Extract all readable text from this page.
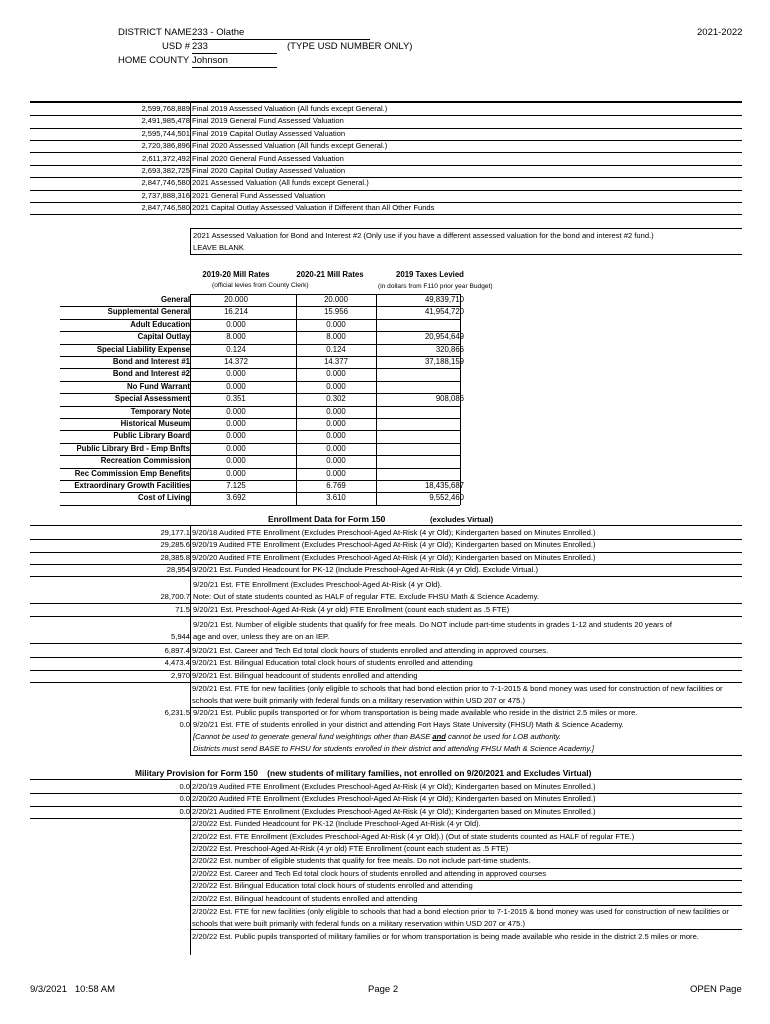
DISTRICT NAME 233 - Olathe	2021-2022
USD # 233	(TYPE USD NUMBER ONLY)
HOME COUNTY Johnson
2,599,768,889 Final 2019 Assessed Valuation (All funds except General.)
2,491,985,478 Final 2019 General Fund Assessed Valuation
2,595,744,501 Final 2019 Capital Outlay Assessed Valuation
2,720,386,896 Final 2020 Assessed Valuation (All funds except General.)
2,611,372,492 Final 2020 General Fund Assessed Valuation
2,693,382,725 Final 2020 Capital Outlay Assessed Valuation
2,847,746,580 2021 Assessed Valuation (All funds except General.)
2,737,888,316 2021 General Fund Assessed Valuation
2,847,746,580 2021 Capital Outlay Assessed Valuation if Different than All Other Funds
2021 Assessed Valuation for Bond and Interest #2 (Only use if you have a different assessed valuation for the bond and interest #2 fund.)
LEAVE BLANK
2019-20 Mill Rates	2020-21 Mill Rates	2019 Taxes Levied
(official levies from County Clerk)	(in dollars from F110 prior year Budget)
General	20.000	20.000	49,839,710
Supplemental General	16.214	15.956	41,954,720
Adult Education	0.000	0.000
Capital Outlay	8.000	8.000	20,954,649
Special Liability Expense	0.124	0.124	320,866
Bond and Interest #1	14.372	14.377	37,188,159
Bond and Interest #2	0.000	0.000
No Fund Warrant	0.000	0.000
Special Assessment	0.351	0.302	908,086
Temporary Note	0.000	0.000
Historical Museum	0.000	0.000
Public Library Board	0.000	0.000
Public Library Brd - Emp Bnfts	0.000	0.000
Recreation Commission	0.000	0.000
Rec Commission Emp Benefits	0.000	0.000
Extraordinary Growth Facilities	7.125	6.769	18,435,687
Cost of Living	3.692	3.610	9,552,460
Enrollment Data for Form 150	(excludes Virtual)
29,177.1 9/20/18 Audited FTE Enrollment (Excludes Preschool-Aged At-Risk (4 yr Old); Kindergarten based on Minutes Enrolled.)
29,285.6 9/20/19 Audited FTE Enrollment (Excludes Preschool-Aged At-Risk (4 yr Old); Kindergarten based on Minutes Enrolled.)
28,385.8 9/20/20 Audited FTE Enrollment (Excludes Preschool-Aged At-Risk (4 yr Old); Kindergarten based on Minutes Enrolled.)
28,954 9/20/21 Est. Funded Headcount for PK-12 (Include Preschool-Aged At-Risk (4 yr Old). Exclude Virtual.)
9/20/21 Est. FTE Enrollment (Excludes Preschool-Aged At-Risk (4 yr Old).
28,700.7 Note: Out of state students counted as HALF of regular FTE. Exclude FHSU Math & Science Academy.
71.5 9/20/21 Est. Preschool-Aged At-Risk (4 yr old) FTE Enrollment (count each student as .5 FTE)
9/20/21 Est. Number of eligible students that qualify for free meals. Do NOT include part-time students in grades 1-12 and students 20 years of
5,944 age and over, unless they are on an IEP.
6,897.4 9/20/21 Est. Career and Tech Ed total clock hours of students enrolled and attending in approved courses.
4,473.4 9/20/21 Est. Bilingual Education total clock hours of students enrolled and attending
2,970 9/20/21 Est. Bilingual headcount of students enrolled and attending
9/20/21 Est. FTE for new facilities (only eligible to schools that had bond election prior to 7-1-2015 & bond money was used for construction of new facilities or schools that were built primarily with federal funds on a military reservation within USD 207 or 475.)
6,231.5 9/20/21 Est. Public pupils transported or for whom transportation is being made available who reside in the district 2.5 miles or more.
0.0 9/20/21 Est. FTE of students enrolled in your district and attending Fort Hays State University (FHSU) Math & Science Academy.
[Cannot be used to generate general fund weightings other than BASE and cannot be used for LOB authority.
Districts must send BASE to FHSU for students enrolled in their district and attending FHSU Math & Science Academy.]
Military Provision for Form 150    (new students of military families, not enrolled on 9/20/2021 and Excludes Virtual)
0.0 2/20/19 Audited FTE Enrollment (Excludes Preschool-Aged At-Risk (4 yr Old); Kindergarten based on Minutes Enrolled.)
0.0 2/20/20 Audited FTE Enrollment (Excludes Preschool-Aged At-Risk (4 yr Old); Kindergarten based on Minutes Enrolled.)
0.0 2/20/21 Audited FTE Enrollment (Excludes Preschool-Aged At-Risk (4 yr Old); Kindergarten based on Minutes Enrolled.)
2/20/22 Est. Funded Headcount for PK-12 (Include Preschool-Aged At-Risk (4 yr Old).
2/20/22 Est. FTE Enrollment (Excludes Preschool-Aged At-Risk (4 yr Old).) (Out of state students counted as HALF of regular FTE.)
2/20/22 Est. Preschool-Aged At-Risk (4 yr old) FTE Enrollment (count each student as .5 FTE)
2/20/22 Est. number of eligible students that qualify for free meals. Do not include part-time students.
2/20/22 Est. Career and Tech Ed total clock hours of students enrolled and attending in approved courses
2/20/22 Est. Bilingual Education total clock hours of students enrolled and attending
2/20/22 Est. Bilingual headcount of students enrolled and attending
2/20/22 Est. FTE for new facilities (only eligible to schools that had a bond election prior to 7-1-2015 & bond money was used for construction of new facilities or schools that were built primarily with federal funds on a military reservation within USD 207 or 475.)
2/20/22 Est. Public pupils transported of military families or for whom transportation is being made available who reside in the district 2.5 miles or more.
9/3/2021   10:58 AM	Page 2	OPEN Page
